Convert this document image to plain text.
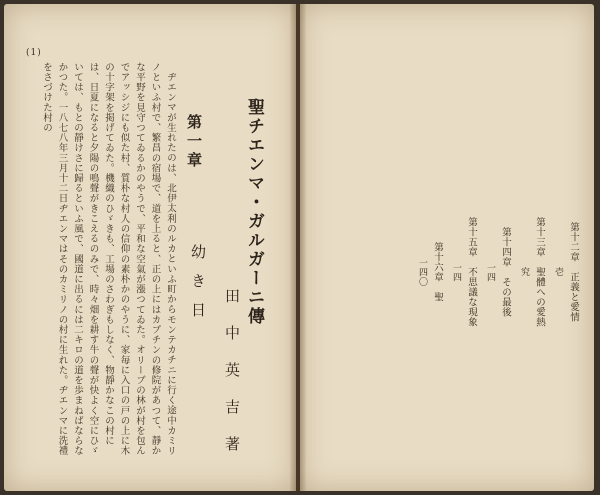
(1)

ヂエンマが生れたのは、北伊太利のルカといふ町からモンテカチニに行く途中カミリノといふ村で、繁昌の宿場で、道を上ると、正の上にはカプチンの修院があつて、靜かな平野を見守つてゐるかのやうで、平和な空氣が漲つてゐた。オリーブの林が村を包んでアッシジにも似た村、質朴な村人の信仰の素朴かのやうに、家毎に入口の戸の上に木の十字架を掲げてゐた。機織のひゞきも、工場のさわぎもしなく、物靜かなこの村には、日夏になると夕陽の鳴聲がきこえるのみで、時々畑を耕す牛の聲が快よく空にひゞいては、もとの靜けさに歸るといふ風で、國道に出るには二キロの道を歩まねばならなかつた。一八七八年三月十二日ヂエンマはそのカミリノの村に生れた。ヂエンマに洗禮をさづけた村の

第一章
幼き日
田中英吉著
聖チエンマ・ガルガーニ傳	第十二章　正義と愛情
壱
第十三章　聖體への愛熱
究
第十四章　その最後
一四
第十五章　不思議な現象
一四
第十六章　聖
一四〇
